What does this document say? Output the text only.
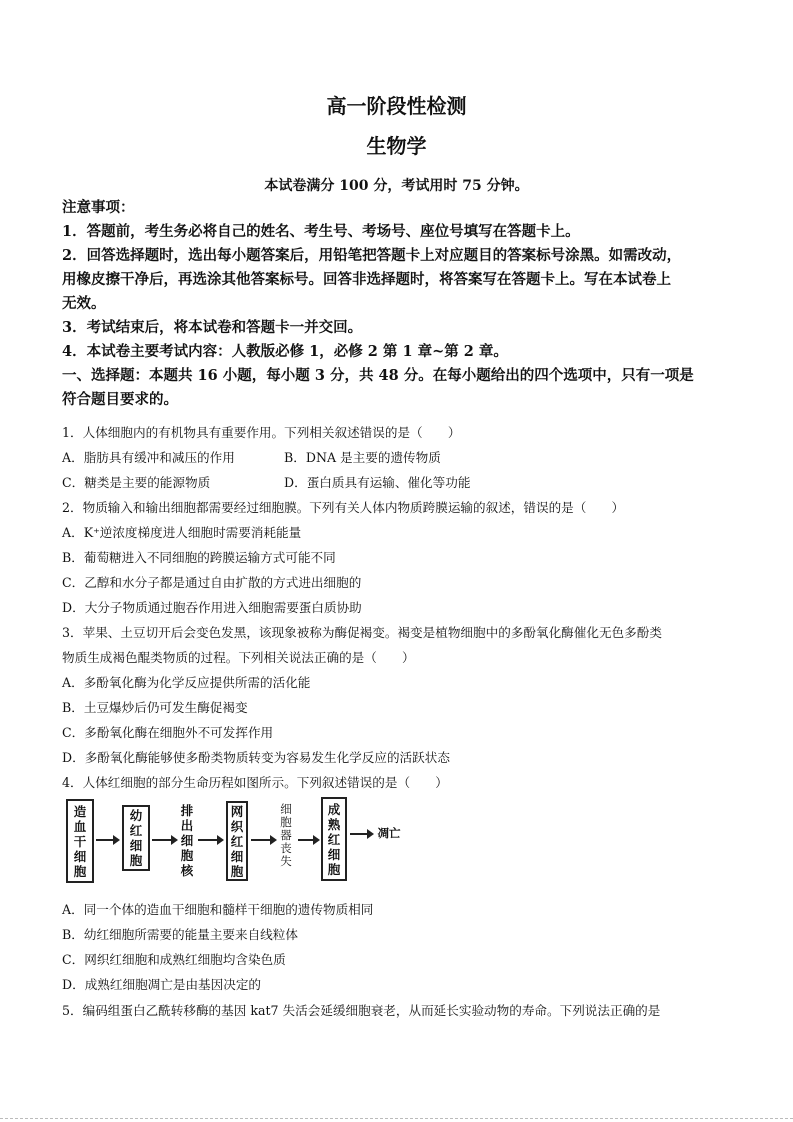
高一阶段性检测
生物学
本试卷满分 100 分，考试用时 75 分钟。

注意事项：

1．答题前，考生务必将自己的姓名、考生号、考场号、座位号填写在答题卡上。

2．回答选择题时，选出每小题答案后，用铅笔把答题卡上对应题目的答案标号涂黑。如需改动，

用橡皮擦干净后，再选涂其他答案标号。回答非选择题时，将答案写在答题卡上。写在本试卷上

无效。

3．考试结束后，将本试卷和答题卡一并交回。

4．本试卷主要考试内容：人教版必修 1，必修 2 第 1 章~第 2 章。

一、选择题：本题共 16 小题，每小题 3 分，共 48 分。在每小题给出的四个选项中，只有一项是

符合题目要求的。

1．人体细胞内的有机物具有重要作用。下列相关叙述错误的是（　　）

A．脂肪具有缓冲和减压的作用	B．DNA 是主要的遗传物质

C．糖类是主要的能源物质	D．蛋白质具有运输、催化等功能

2．物质输入和输出细胞都需要经过细胞膜。下列有关人体内物质跨膜运输的叙述，错误的是（　　）

A．K⁺逆浓度梯度进人细胞时需要消耗能量

B．葡萄糖进入不同细胞的跨膜运输方式可能不同

C．乙醇和水分子都是通过自由扩散的方式进出细胞的

D．大分子物质通过胞吞作用进入细胞需要蛋白质协助

3．苹果、土豆切开后会变色发黑，该现象被称为酶促褐变。褐变是植物细胞中的多酚氧化酶催化无色多酚类

物质生成褐色醌类物质的过程。下列相关说法正确的是（　　）

A．多酚氧化酶为化学反应提供所需的活化能

B．土豆爆炒后仍可发生酶促褐变

C．多酚氧化酶在细胞外不可发挥作用

D．多酚氧化酶能够使多酚类物质转变为容易发生化学反应的活跃状态

4．人体红细胞的部分生命历程如图所示。下列叙述错误的是（　　）

造血干细胞
幼红细胞
排出细胞核
网织红细胞
细胞器丧失
成熟红细胞
凋亡

A．同一个体的造血干细胞和髓样干细胞的遗传物质相同

B．幼红细胞所需要的能量主要来自线粒体

C．网织红细胞和成熟红细胞均含染色质

D．成熟红细胞凋亡是由基因决定的

5．编码组蛋白乙酰转移酶的基因 kat7 失活会延缓细胞衰老，从而延长实验动物的寿命。下列说法正确的是
